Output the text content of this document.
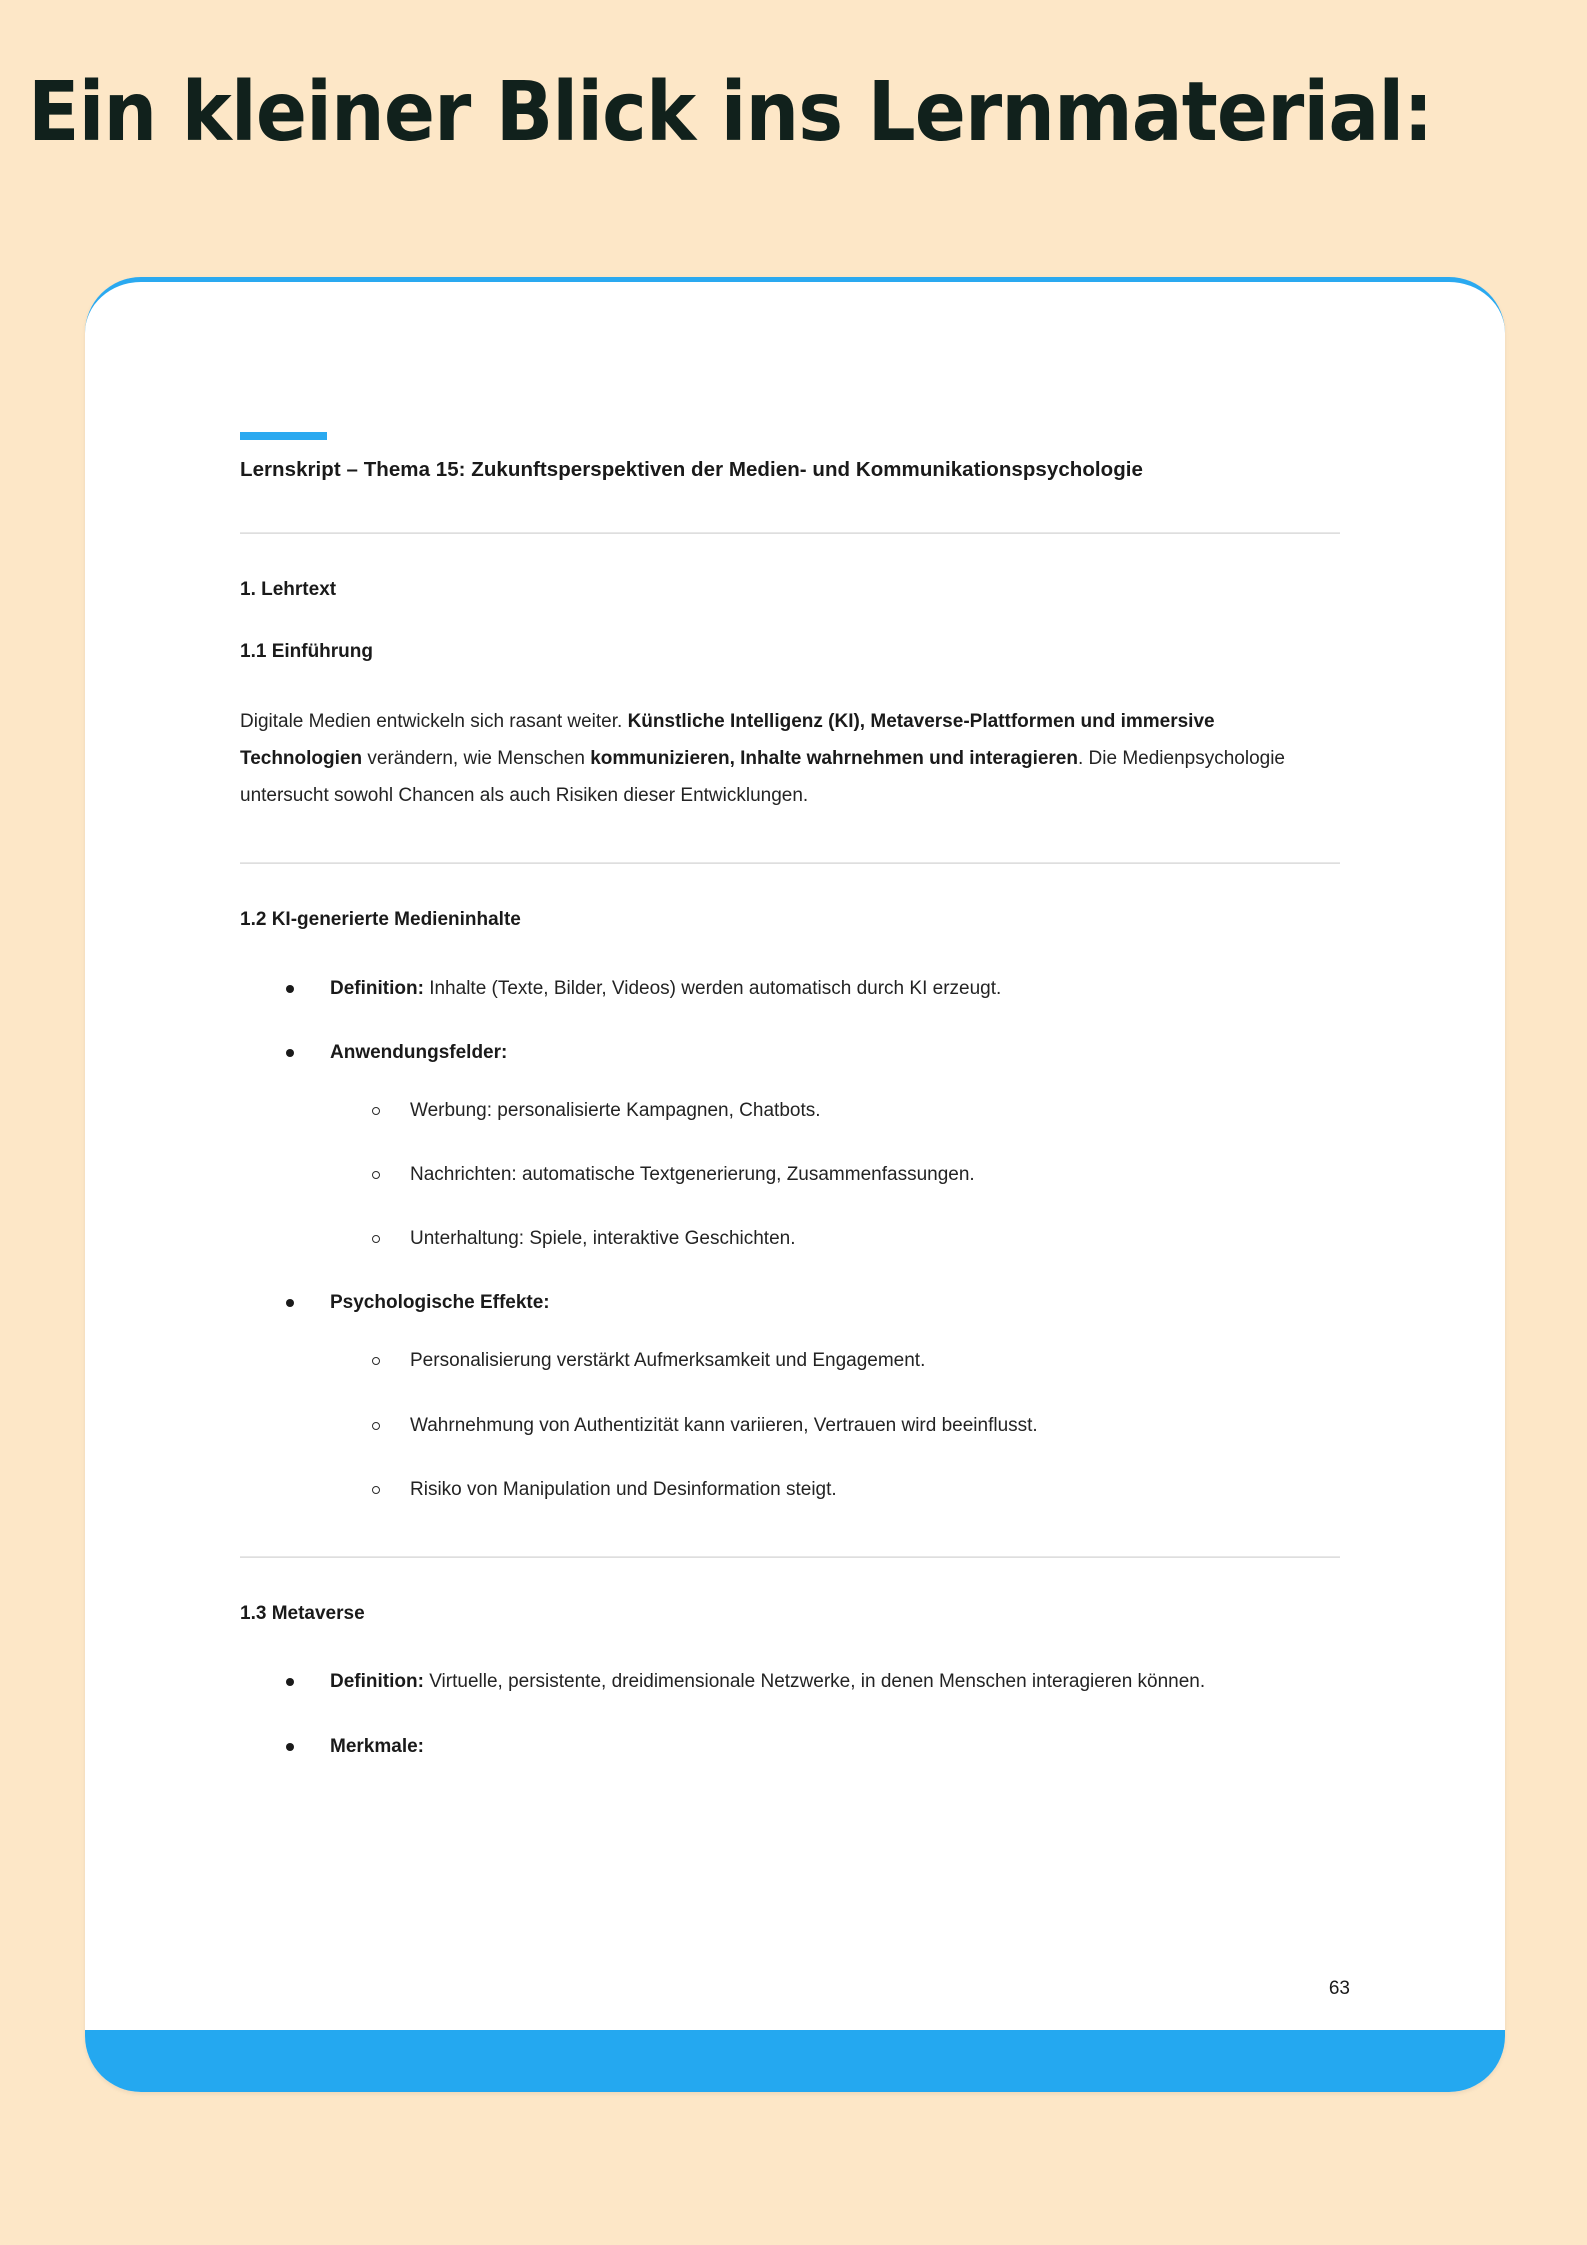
Ein kleiner Blick ins Lernmaterial:
Lernskript – Thema 15: Zukunftsperspektiven der Medien- und Kommunikationspsychologie
1. Lehrtext
1.1 Einführung

Digitale Medien entwickeln sich rasant weiter. Künstliche Intelligenz (KI), Metaverse-Plattformen und immersive Technologien verändern, wie Menschen kommunizieren, Inhalte wahrnehmen und interagieren. Die Medienpsychologie untersucht sowohl Chancen als auch Risiken dieser Entwicklungen.

1.2 KI-generierte Medieninhalte
Definition: Inhalte (Texte, Bilder, Videos) werden automatisch durch KI erzeugt.
Anwendungsfelder:
Werbung: personalisierte Kampagnen, Chatbots.
Nachrichten: automatische Textgenerierung, Zusammenfassungen.
Unterhaltung: Spiele, interaktive Geschichten.
Psychologische Effekte:
Personalisierung verstärkt Aufmerksamkeit und Engagement.
Wahrnehmung von Authentizität kann variieren, Vertrauen wird beeinflusst.
Risiko von Manipulation und Desinformation steigt.
1.3 Metaverse
Definition: Virtuelle, persistente, dreidimensionale Netzwerke, in denen Menschen interagieren können.
Merkmale:
63
